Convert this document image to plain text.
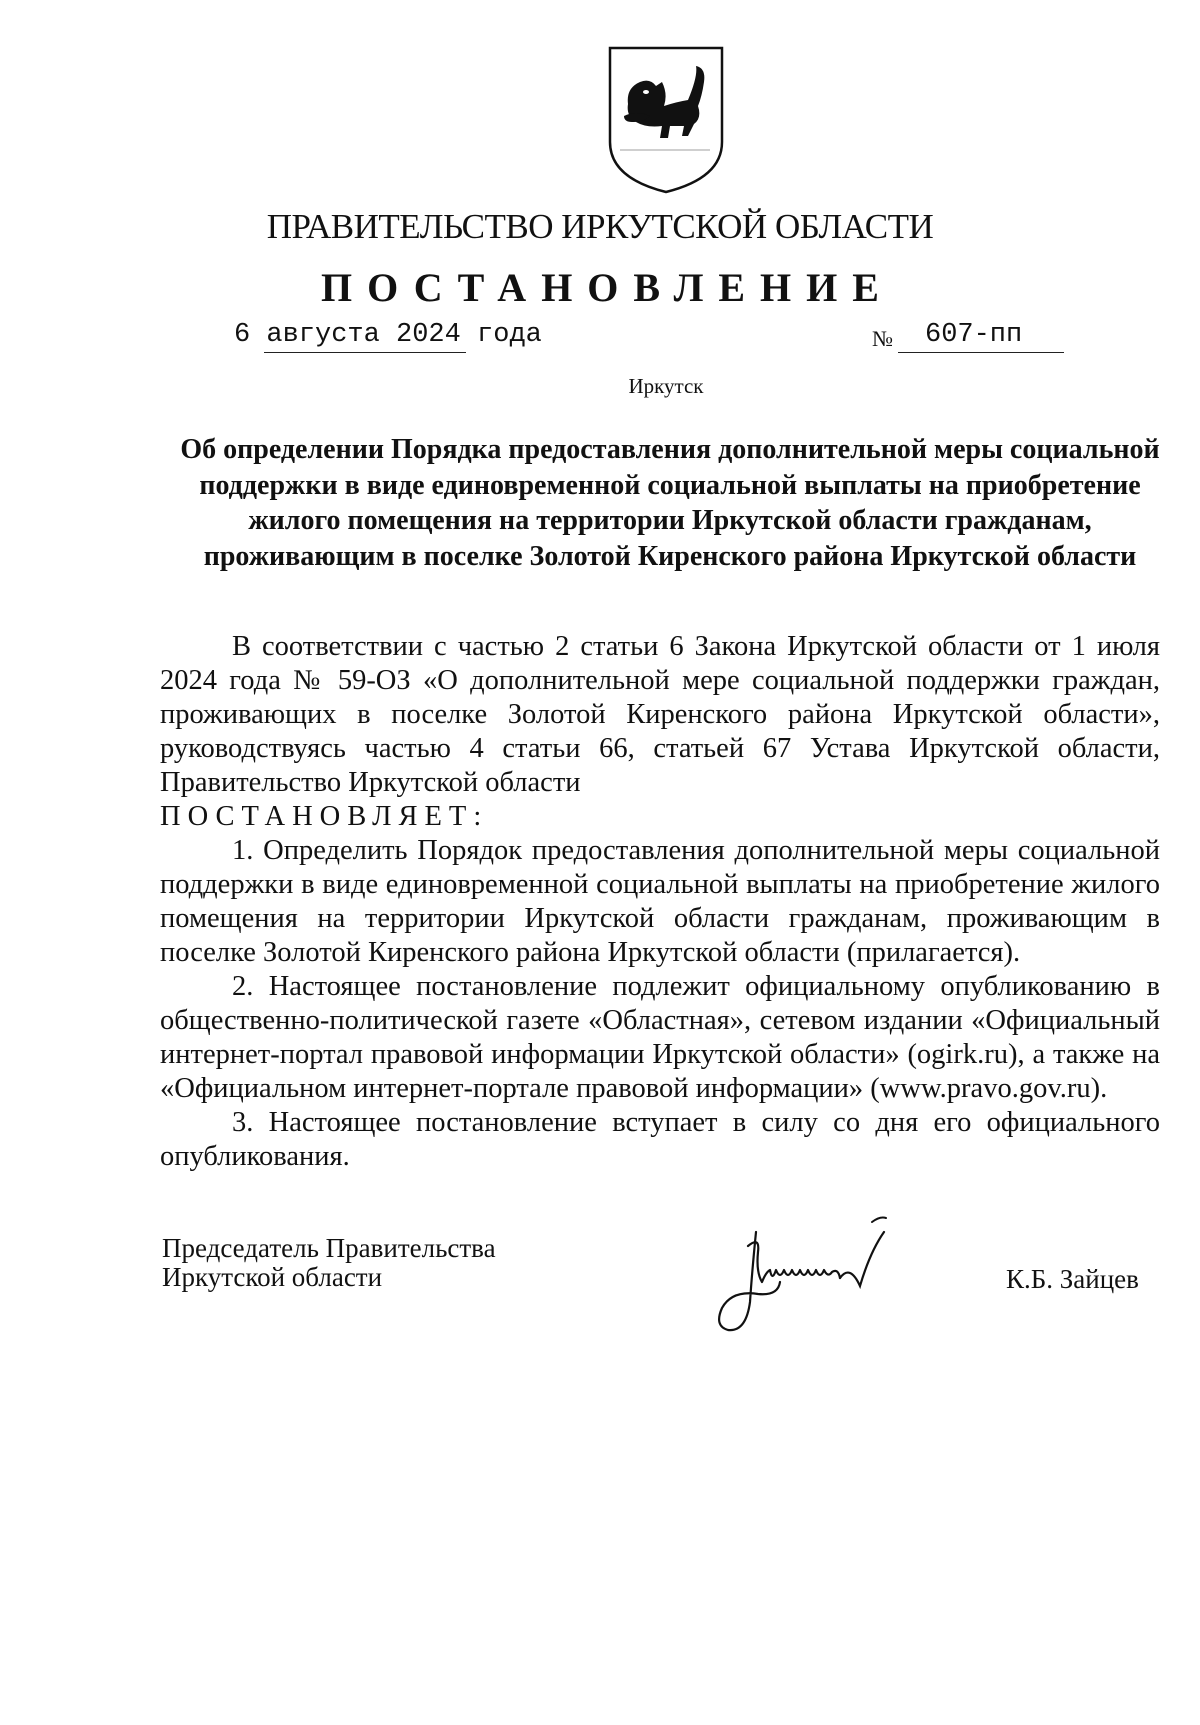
ПРАВИТЕЛЬСТВО ИРКУТСКОЙ ОБЛАСТИ
ПОСТАНОВЛЕНИЕ
6 августа 2024 года	№ 607-пп
Иркутск
Об определении Порядка предоставления дополнительной меры социальной поддержки в виде единовременной социальной выплаты на приобретение жилого помещения на территории Иркутской области гражданам, проживающим в поселке Золотой Киренского района Иркутской области

В соответствии с частью 2 статьи 6 Закона Иркутской области от 1 июля 2024 года № 59-ОЗ «О дополнительной мере социальной поддержки граждан, проживающих в поселке Золотой Киренского района Иркутской области», руководствуясь частью 4 статьи 66, статьей 67 Устава Иркутской области, Правительство Иркутской области

ПОСТАНОВЛЯЕТ:

1. Определить Порядок предоставления дополнительной меры социальной поддержки в виде единовременной социальной выплаты на приобретение жилого помещения на территории Иркутской области гражданам, проживающим в поселке Золотой Киренского района Иркутской области (прилагается).

2. Настоящее постановление подлежит официальному опубликованию в общественно-политической газете «Областная», сетевом издании «Официальный интернет-портал правовой информации Иркутской области» (ogirk.ru), а также на «Официальном интернет-портале правовой информации» (www.pravo.gov.ru).

3. Настоящее постановление вступает в силу со дня его официального опубликования.

Председатель Правительства
Иркутской области	К.Б. Зайцев
